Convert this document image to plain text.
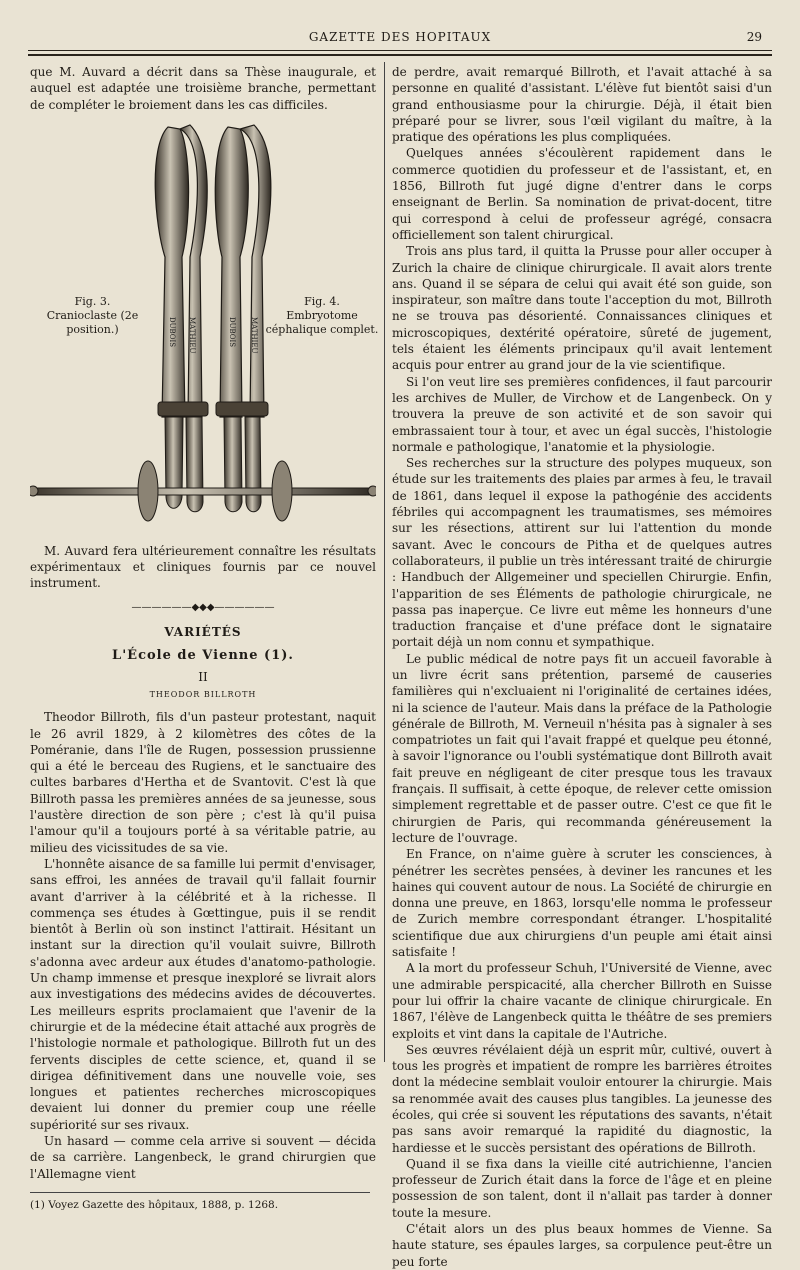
GAZETTE DES HOPITAUX	29

que M. Auvard a décrit dans sa Thèse inaugurale, et auquel est adaptée une troisième branche, permettant de compléter le broiement dans les cas difficiles.

DUBOIS MATHIEU	DUBOIS MATHIEU
Fig. 3.
Cranioclaste (2e position.)
Fig. 4.
Embryotome céphalique complet.

M. Auvard fera ultérieurement connaître les résultats expérimentaux et cliniques fournis par ce nouvel instrument.

——————◆◆◆——————
VARIÉTÉS
L'École de Vienne (1).
II
THEODOR BILLROTH

Theodor Billroth, fils d'un pasteur protestant, naquit le 26 avril 1829, à 2 kilomètres des côtes de la Poméranie, dans l'île de Rugen, possession prussienne qui a été le berceau des Rugiens, et le sanctuaire des cultes barbares d'Hertha et de Svantovit. C'est là que Billroth passa les premières années de sa jeunesse, sous l'austère direction de son père ; c'est là qu'il puisa l'amour qu'il a toujours porté à sa véritable patrie, au milieu des vicissitudes de sa vie.

L'honnête aisance de sa famille lui permit d'envisager, sans effroi, les années de travail qu'il fallait fournir avant d'arriver à la célébrité et à la richesse. Il commença ses études à Gœttingue, puis il se rendit bientôt à Berlin où son instinct l'attirait. Hésitant un instant sur la direction qu'il voulait suivre, Billroth s'adonna avec ardeur aux études d'anatomo-pathologie. Un champ immense et presque inexploré se livrait alors aux investigations des médecins avides de découvertes. Les meilleurs esprits proclamaient que l'avenir de la chirurgie et de la médecine était attaché aux progrès de l'histologie normale et pathologique. Billroth fut un des fervents disciples de cette science, et, quand il se dirigea définitivement dans une nouvelle voie, ses longues et patientes recherches microscopiques devaient lui donner du premier coup une réelle supériorité sur ses rivaux.

Un hasard — comme cela arrive si souvent — décida de sa carrière. Langenbeck, le grand chirurgien que l'Allemagne vient

(1) Voyez Gazette des hôpitaux, 1888, p. 1268.

de perdre, avait remarqué Billroth, et l'avait attaché à sa personne en qualité d'assistant. L'élève fut bientôt saisi d'un grand enthousiasme pour la chirurgie. Déjà, il était bien préparé pour se livrer, sous l'œil vigilant du maître, à la pratique des opérations les plus compliquées.

Quelques années s'écoulèrent rapidement dans le commerce quotidien du professeur et de l'assistant, et, en 1856, Billroth fut jugé digne d'entrer dans le corps enseignant de Berlin. Sa nomination de privat-docent, titre qui correspond à celui de professeur agrégé, consacra officiellement son talent chirurgical.

Trois ans plus tard, il quitta la Prusse pour aller occuper à Zurich la chaire de clinique chirurgicale. Il avait alors trente ans. Quand il se sépara de celui qui avait été son guide, son inspirateur, son maître dans toute l'acception du mot, Billroth ne se trouva pas désorienté. Connaissances cliniques et microscopiques, dextérité opératoire, sûreté de jugement, tels étaient les éléments principaux qu'il avait lentement acquis pour entrer au grand jour de la vie scientifique.

Si l'on veut lire ses premières confidences, il faut parcourir les archives de Muller, de Virchow et de Langenbeck. On y trouvera la preuve de son activité et de son savoir qui embrassaient tour à tour, et avec un égal succès, l'histologie normale e pathologique, l'anatomie et la physiologie.

Ses recherches sur la structure des polypes muqueux, son étude sur les traitements des plaies par armes à feu, le travail de 1861, dans lequel il expose la pathogénie des accidents fébriles qui accompagnent les traumatismes, ses mémoires sur les résections, attirent sur lui l'attention du monde savant. Avec le concours de Pitha et de quelques autres collaborateurs, il publie un très intéressant traité de chirurgie : Handbuch der Allgemeiner und speciellen Chirurgie. Enfin, l'apparition de ses Éléments de pathologie chirurgicale, ne passa pas inaperçue. Ce livre eut même les honneurs d'une traduction française et d'une préface dont le signataire portait déjà un nom connu et sympathique.

Le public médical de notre pays fit un accueil favorable à un livre écrit sans prétention, parsemé de causeries familières qui n'excluaient ni l'originalité de certaines idées, ni la science de l'auteur. Mais dans la préface de la Pathologie générale de Billroth, M. Verneuil n'hésita pas à signaler à ses compatriotes un fait qui l'avait frappé et quelque peu étonné, à savoir l'ignorance ou l'oubli systématique dont Billroth avait fait preuve en négligeant de citer presque tous les travaux français. Il suffisait, à cette époque, de relever cette omission simplement regrettable et de passer outre. C'est ce que fit le chirurgien de Paris, qui recommanda généreusement la lecture de l'ouvrage.

En France, on n'aime guère à scruter les consciences, à pénétrer les secrètes pensées, à deviner les rancunes et les haines qui couvent autour de nous. La Société de chirurgie en donna une preuve, en 1863, lorsqu'elle nomma le professeur de Zurich membre correspondant étranger. L'hospitalité scientifique due aux chirurgiens d'un peuple ami était ainsi satisfaite !

A la mort du professeur Schuh, l'Université de Vienne, avec une admirable perspicacité, alla chercher Billroth en Suisse pour lui offrir la chaire vacante de clinique chirurgicale. En 1867, l'élève de Langenbeck quitta le théâtre de ses premiers exploits et vint dans la capitale de l'Autriche.

Ses œuvres révélaient déjà un esprit mûr, cultivé, ouvert à tous les progrès et impatient de rompre les barrières étroites dont la médecine semblait vouloir entourer la chirurgie. Mais sa renommée avait des causes plus tangibles. La jeunesse des écoles, qui crée si souvent les réputations des savants, n'était pas sans avoir remarqué la rapidité du diagnostic, la hardiesse et le succès persistant des opérations de Billroth.

Quand il se fixa dans la vieille cité autrichienne, l'ancien professeur de Zurich était dans la force de l'âge et en pleine possession de son talent, dont il n'allait pas tarder à donner toute la mesure.

C'était alors un des plus beaux hommes de Vienne. Sa haute stature, ses épaules larges, sa corpulence peut-être un peu forte
